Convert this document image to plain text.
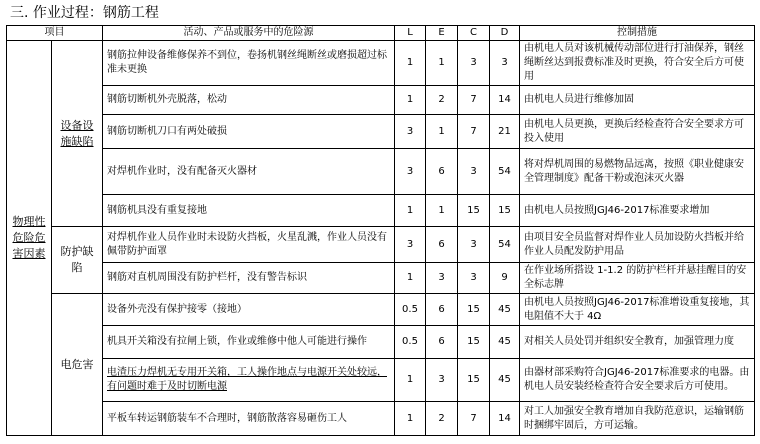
三. 作业过程：钢筋工程
项目		活动、产品或服务中的危险源	L	E	C	D	控制措施
物理性危险危害因素	设备设施缺陷	钢筋拉伸设备维修保养不到位，卷扬机钢丝绳断丝或磨损超过标准未更换	1	1	3	3	由机电人员对该机械传动部位进行打油保养，钢丝绳断丝达到报费标准及时更换，符合安全后方可使用
		钢筋切断机外壳脱落，松动	1	2	7	14	由机电人员进行维修加固
		钢筋切断机刀口有两处破损	3	1	7	21	由机电人员更换，更换后经检查符合安全要求方可投入使用
		对焊机作业时，没有配备灭火器材	3	6	3	54	将对焊机周围的易燃物品远离，按照《职业健康安全管理制度》配备干粉或泡沫灭火器
		钢筋机具没有重复接地	1	1	15	15	由机电人员按照JGJ46-2017标准要求增加
	防护缺陷	对焊机作业人员作业时未设防火挡板，火星乱溅，作业人员没有佩带防护面罩	3	6	3	54	由项目安全员监督对焊作业人员加设防火挡板并给作业人员配发防护用品
		钢筋对直机周围没有防护栏杆，没有警告标识	1	3	3	9	在作业场所搭设 1-1.2 的防护栏杆并悬挂醒目的安全标志牌
	电危害	设备外壳没有保护接零（接地）	0.5	6	15	45	由机电人员按照JGJ46-2017标准增设重复接地，其电阻值不大于 4Ω
		机具开关箱没有拉闸上锁，作业或维修中他人可能进行操作	0.5	6	15	45	对相关人员处罚并组织安全教育，加强管理力度
		电渣压力焊机无专用开关箱，工人操作地点与电源开关处较远，有问题时难于及时切断电源	1	3	15	45	由器材部采购符合JGJ46-2017标准要求的电器。由机电人员安装经检查符合安全要求后方可使用。
		平板车转运钢筋装车不合理时，钢筋散落容易砸伤工人	1	2	7	14	对工人加强安全教育增加自我防范意识，运输钢筋时捆绑牢固后，方可运输。
